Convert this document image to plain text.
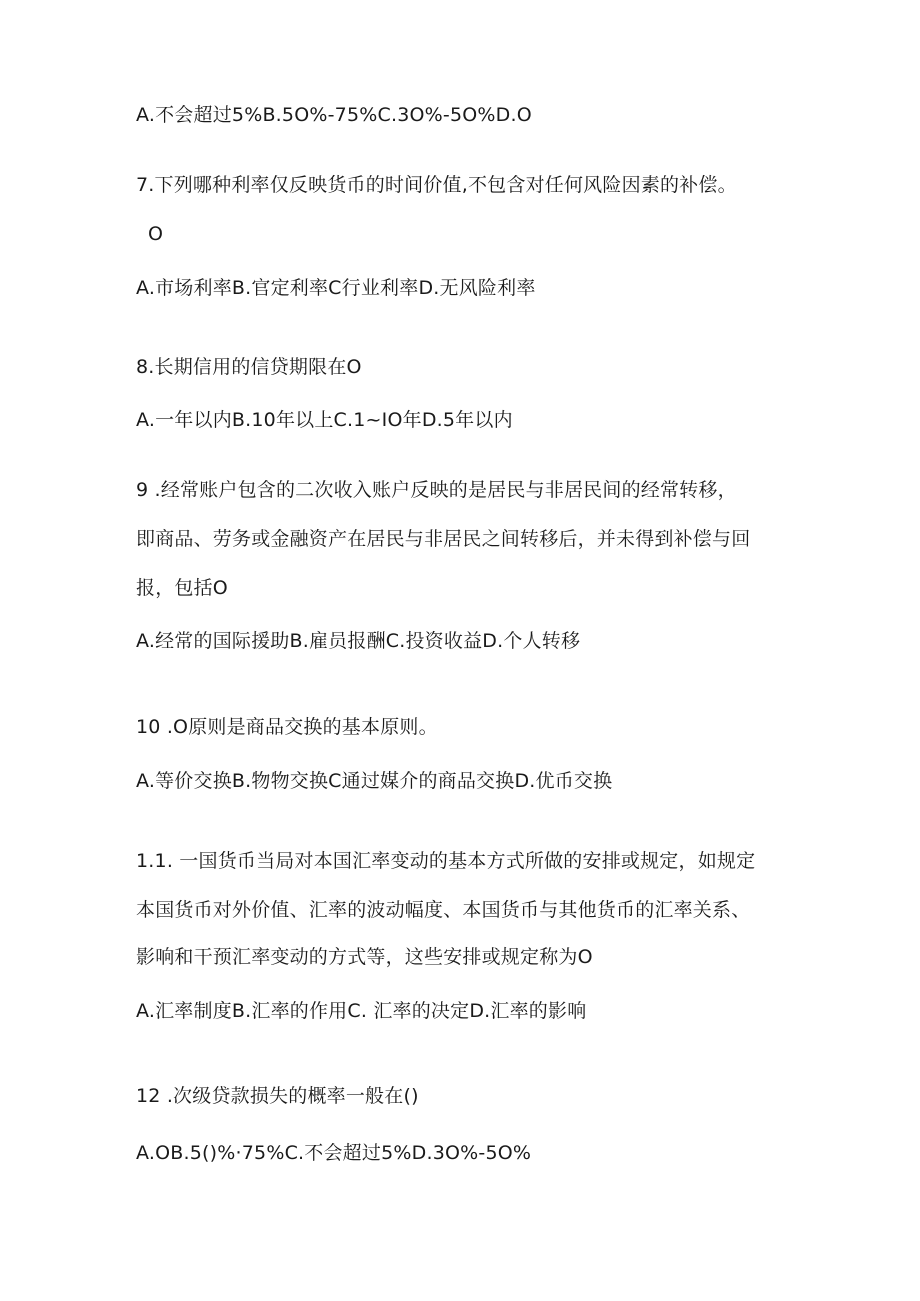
A.不会超过5%B.5O%-75%C.3O%-5O%D.O
7.下列哪种利率仅反映货币的时间价值,不包含对任何风险因素的补偿。
O
A.市场利率B.官定利率C行业利率D.无风险利率
8.长期信用的信贷期限在O
A.一年以内B.10年以上C.1~IO年D.5年以内
9 .经常账户包含的二次收入账户反映的是居民与非居民间的经常转移，
即商品、劳务或金融资产在居民与非居民之间转移后，并未得到补偿与回
报，包括O
A.经常的国际援助B.雇员报酬C.投资收益D.个人转移
10 .O原则是商品交换的基本原则。
A.等价交换B.物物交换C通过媒介的商品交换D.优币交换
1.1. 一国货币当局对本国汇率变动的基本方式所做的安排或规定，如规定
本国货币对外价值、汇率的波动幅度、本国货币与其他货币的汇率关系、
影响和干预汇率变动的方式等，这些安排或规定称为O
A.汇率制度B.汇率的作用C. 汇率的决定D.汇率的影响
12 .次级贷款损失的概率一般在()
A.OB.5()%·75%C.不会超过5%D.3O%-5O%
